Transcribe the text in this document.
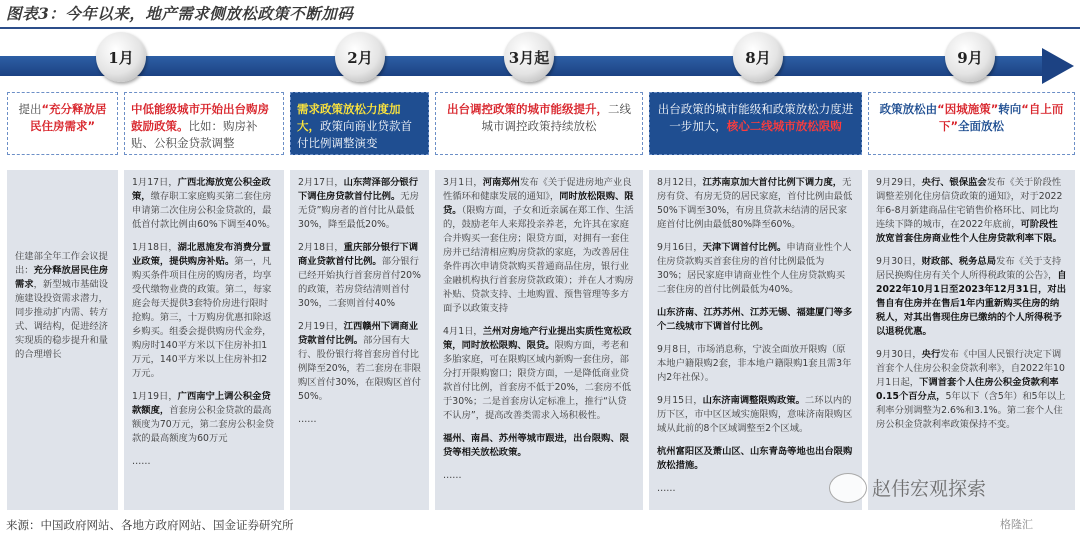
图表3：今年以来，地产需求侧放松政策不断加码
1月	2月	3月起	8月	9月
提出“充分释放居民住房需求”
中低能级城市开始出台购房鼓励政策。比如：购房补贴、公积金贷款调整
需求政策放松力度加大，政策向商业贷款首付比例调整演变
出台调控政策的城市能级提升，二线城市调控政策持续放松
出台政策的城市能级和政策放松力度进一步加大，核心二线城市放松限购
政策放松由“因城施策”转向“自上而下”全面放松

住建部全年工作会议提出：充分释放居民住房需求，新型城市基础设施建设投资需求潜力，同步推动扩内需、转方式、调结构，促进经济实现质的稳步提升和量的合理增长

1月17日，广西北海放宽公积金政策，缴存职工家庭购买第二套住房申请第二次住房公积金贷款的，最低首付款比例由60%下调至40%。

1月18日，湖北恩施发布消费分置业政策，提供购房补贴。第一，凡购买条件项目住房的购房者，均享受代缴物业费的政策。第二，每家庭会每天提供3套特价房进行限时抢购。第三，十万购房优惠扣除返乡购买。组委会提供购房代金券，购房时140平方米以下住房补扣1万元，140平方米以上住房补扣2万元。

1月19日，广西南宁上调公积金贷款额度，首套房公积金贷款的最高额度为70万元，第二套房公积金贷款的最高额度为60万元

……

2月17日，山东菏泽部分银行下调住房贷款首付比例。无房无贷”购房者的首付比从最低30%，降至最低20%。

2月18日，重庆部分银行下调商业贷款首付比例。部分银行已经开始执行首套房首付20%的政策，若房贷结清则首付30%，二套则首付40%

2月19日，江西赣州下调商业贷款首付比例。部分国有大行、股份银行将首套房首付比例降至20%，若二套房在非限购区首付30%，在限购区首付50%。

……

3月1日，河南郑州发布《关于促进房地产业良性循环和健康发展的通知》，同时放松限购、限贷。（限购方面，子女和近亲属在郑工作、生活的，鼓励老年人来郑投亲养老，允许其在家庭合并购买一套住房；限贷方面，对拥有一套住房并已结清相应购房贷款的家庭，为改善居住条件再次申请贷款购买普通商品住房，银行业金融机构执行首套房贷款政策）；并在人才购房补贴、贷款支持、土地购置、预售管理等多方面予以政策支持

4月1日，兰州对房地产行业提出实质性宽松政策，同时放松限购、限贷。限购方面，考老和多胎家庭，可在限购区域内新购一套住房，部分打开限购窗口；限贷方面，一是降低商业贷款首付比例，首套房不低于20%，二套房不低于30%；二是首套房认定标准上，推行“认贷不认房”，提高改善类需求入场积极性。

福州、南昌、苏州等城市跟进，出台限购、限贷等相关放松政策。

……

8月12日，江苏南京加大首付比例下调力度，无房有贷、有房无贷的居民家庭，首付比例由最低50%下调至30%，有房且贷款未结清的居民家庭首付比例由最低80%降至60%。

9月16日，天津下调首付比例。申请商业性个人住房贷款购买首套住房的首付比例最低为30%；居民家庭申请商业性个人住房贷款购买二套住房的首付比例最低为40%。

山东济南、江苏苏州、江苏无锡、福建厦门等多个二线城市下调首付比例。

9月8日，市场消息称，宁波全面放开限购（原本地户籍限购2套，非本地户籍限购1套且需3年内2年社保）。

9月15日，山东济南调整限购政策。二环以内的历下区，市中区区域实施限购，意味济南限购区域从此前的8个区域调整至2个区域。

杭州富阳区及萧山区、山东青岛等地也出台限购放松措施。

……

9月29日，央行、银保监会发布《关于阶段性调整差别化住房信贷政策的通知》，对于2022年6-8月新建商品住宅销售价格环比、同比均连续下降的城市，在2022年底前，可阶段性放宽首套住房商业性个人住房贷款利率下限。

9月30日，财政部、税务总局发布《关于支持居民换购住房有关个人所得税政策的公告》，自2022年10月1日至2023年12月31日，对出售自有住房并在售后1年内重新购买住房的纳税人，对其出售现住房已缴纳的个人所得税予以退税优惠。

9月30日，央行发布《中国人民银行决定下调首套个人住房公积金贷款利率》，自2022年10月1日起，下调首套个人住房公积金贷款利率0.15个百分点，5年以下（含5年）和5年以上利率分别调整为2.6%和3.1%。第二套个人住房公积金贷款利率政策保持不变。

来源：中国政府网站、各地方政府网站、国金证券研究所
赵伟宏观探索
格隆汇
